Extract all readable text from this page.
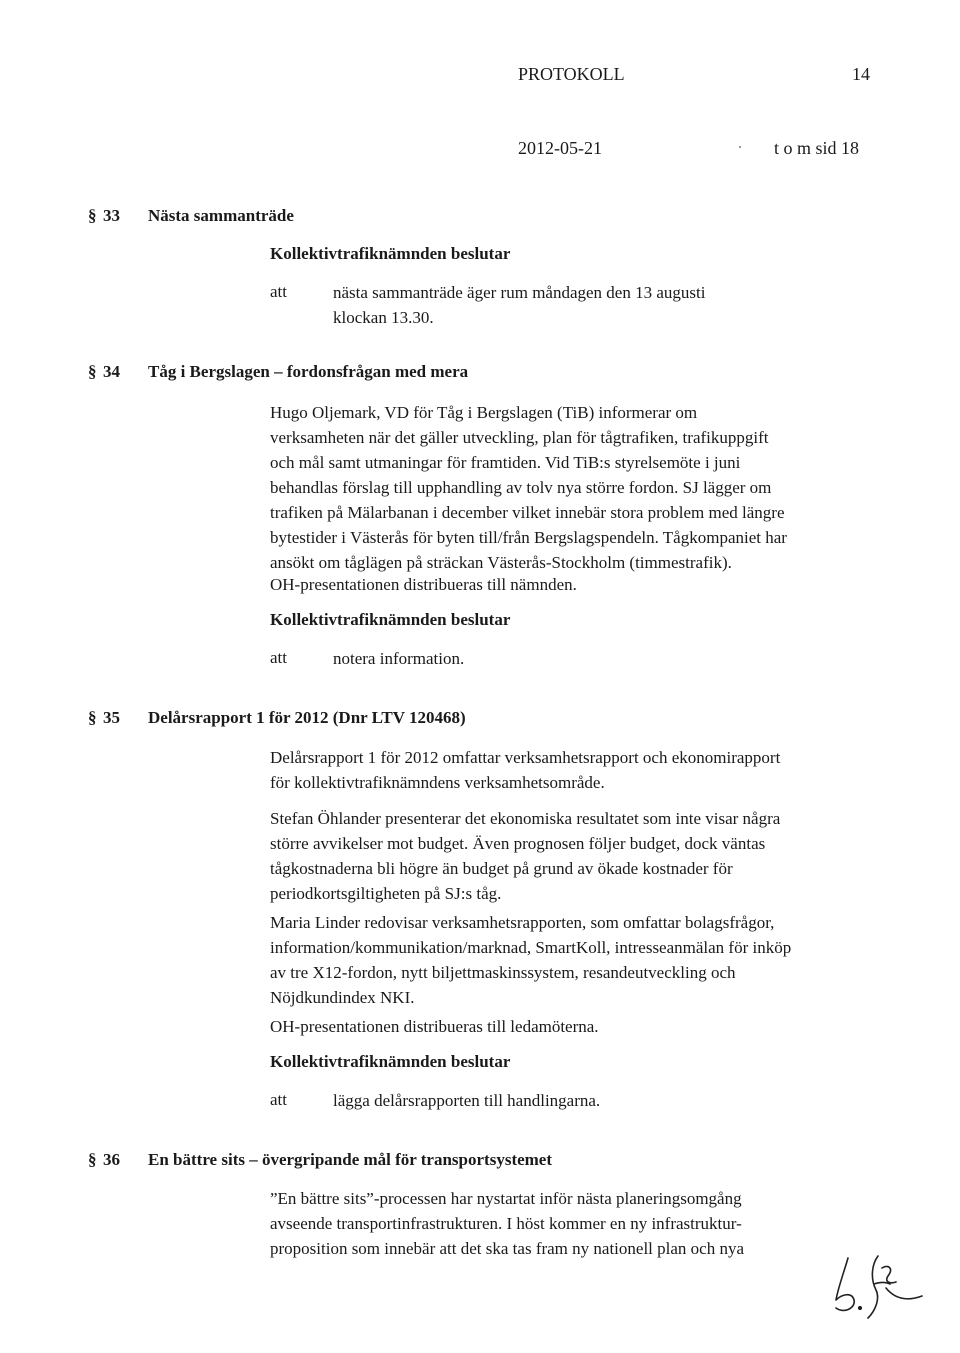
PROTOKOLL	14
2012-05-21	t o m sid 18
§ 33 Nästa sammanträde
Kollektivtrafiknämnden beslutar
att	nästa sammanträde äger rum måndagen den 13 augusti
klockan 13.30.
§ 34 Tåg i Bergslagen – fordonsfrågan med mera
Hugo Oljemark, VD för Tåg i Bergslagen (TiB) informerar om
verksamheten när det gäller utveckling, plan för tågtrafiken, trafikuppgift
och mål samt utmaningar för framtiden. Vid TiB:s styrelsemöte i juni
behandlas förslag till upphandling av tolv nya större fordon. SJ lägger om
trafiken på Mälarbanan i december vilket innebär stora problem med längre
bytestider i Västerås för byten till/från Bergslagspendeln. Tågkompaniet har
ansökt om tåglägen på sträckan Västerås-Stockholm (timmestrafik).
OH-presentationen distribueras till nämnden.
Kollektivtrafiknämnden beslutar
att	notera information.
§ 35 Delårsrapport 1 för 2012 (Dnr LTV 120468)
Delårsrapport 1 för 2012 omfattar verksamhetsrapport och ekonomirapport
för kollektivtrafiknämndens verksamhetsområde.
Stefan Öhlander presenterar det ekonomiska resultatet som inte visar några
större avvikelser mot budget. Även prognosen följer budget, dock väntas
tågkostnaderna bli högre än budget på grund av ökade kostnader för
periodkortsgiltigheten på SJ:s tåg.
Maria Linder redovisar verksamhetsrapporten, som omfattar bolagsfrågor,
information/kommunikation/marknad, SmartKoll, intresseanmälan för inköp
av tre X12-fordon, nytt biljettmaskinssystem, resandeutveckling och
Nöjdkundindex NKI.
OH-presentationen distribueras till ledamöterna.
Kollektivtrafiknämnden beslutar
att	lägga delårsrapporten till handlingarna.
§ 36 En bättre sits – övergripande mål för transportsystemet
”En bättre sits”-processen har nystartat inför nästa planeringsomgång
avseende transportinfrastrukturen. I höst kommer en ny infrastruktur-
proposition som innebär att det ska tas fram ny nationell plan och nya
